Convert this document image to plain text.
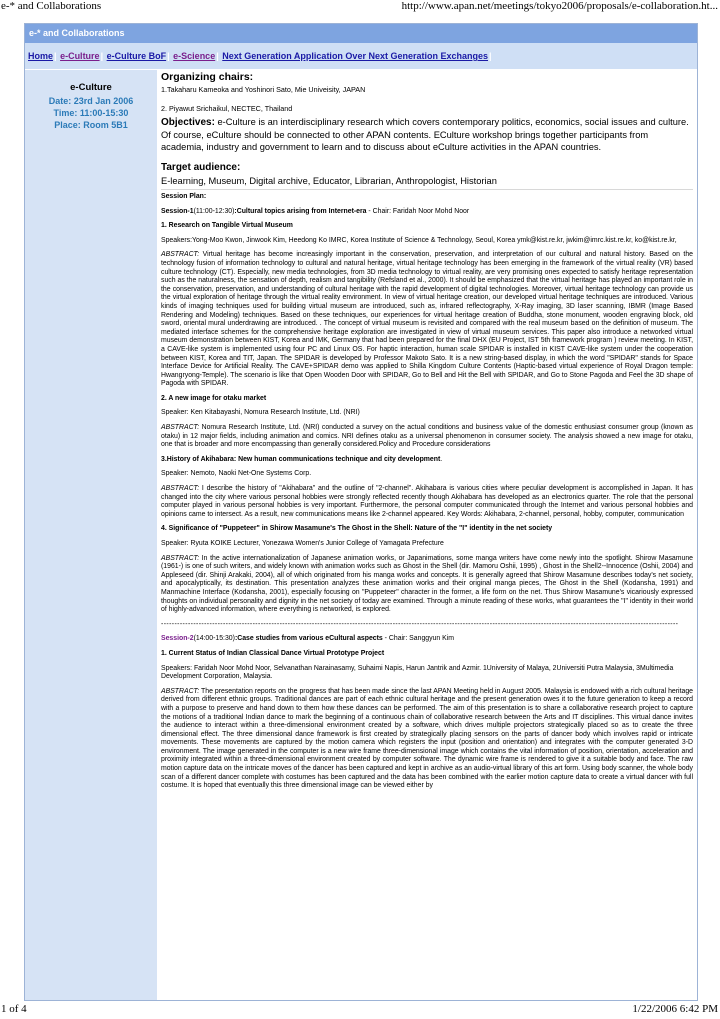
e-* and Collaborations	http://www.apan.net/meetings/tokyo2006/proposals/e-collaboration.ht...
e-* and Collaborations
Home| e-Culture| e-Culture BoF| e-Science| Next Generation Application Over Next Generation Exchanges|
e-Culture
Date: 23rd Jan 2006
Time: 11:00-15:30
Place: Room 5B1

Organizing chairs:

1.Takaharu Kameoka and Yoshinori Sato, Mie Univeisity, JAPAN

2. Piyawut Srichaikul, NECTEC, Thailand

Objectives: e-Culture is an interdisciplinary research which covers contemporary politics, economics, social issues and culture. Of course, eCulture should be connected to other APAN contents. ECulture workshop brings together participants from academia, industry and government to learn and to discuss about eCulture activities in the APAN countries.

Target audience:

E-learning, Museum, Digital archive, Educator, Librarian, Anthropologist, Historian

Session Plan:

Session-1(11:00-12:30):Cultural topics arising from Internet-era - Chair: Faridah Noor Mohd Noor

1. Research on Tangible Virtual Museum

Speakers:Yong-Moo Kwon, Jinwook Kim, Heedong Ko IMRC, Korea Institute of Science & Technology, Seoul, Korea ymk@kist.re.kr, jwkim@imrc.kist.re.kr, ko@kist.re.kr,

ABSTRACT: Virtual heritage has become increasingly important in the conservation, preservation, and interpretation of our cultural and natural history. Based on the technology fusion of information technology to cultural and natural heritage, virtual heritage technology has been emerging in the framework of the virtual reality (VR) based culture technology (CT). Especially, new media technologies, from 3D media technology to virtual reality, are very promising ones expected to satisfy heritage representation such as the naturalness, the sensation of depth, realism and tangibility (Refsland et al., 2000). It should be emphasized that the virtual heritage has played an important role in the conservation, preservation, and understanding of cultural heritage with the rapid development of digital technologies. Moreover, virtual heritage technology can provide us the virtual exploration of heritage through the virtual reality environment. In view of virtual heritage creation, our developed virtual heritage techniques are introduced. Various kinds of imaging techniques used for building virtual museum are introduced, such as, infrared reflectography, X-Ray imaging, 3D laser scanning, IBMR (Image Based Rendering and Modeling) techniques. Based on these techniques, our experiences for virtual heritage creation of Buddha, stone monument, wooden engraving block, old sword, oriental mural underdrawing are introduced. . The concept of virtual museum is revisited and compared with the real museum based on the definition of museum. The mediated interface schemes for the comprehensive heritage exploration are investigated in view of virtual museum services. This paper also introduce a networked virtual museum demonstration between KIST, Korea and IMK, Germany that had been prepared for the final DHX (EU Project, IST 5th framework program ) review meeting. In KIST, a CAVE-like system is implemented using four PC and Linux OS. For haptic interaction, human scale SPIDAR is installed in KIST CAVE-like system under the cooperation between KIST, Korea and TIT, Japan. The SPIDAR is developed by Professor Makoto Sato. It is a new string-based display, in which the word "SPIDAR" stands for Space Interface Device for Artificial Reality. The CAVE+SPIDAR demo was applied to Shilla Kingdom Culture Contents (Haptic-based virtual experience of Royal Dragon temple: Hwangryong-Temple). The scenario is like that Open Wooden Door with SPIDAR, Go to Bell and Hit the Bell with SPIDAR, and Go to Stone Pagoda and Feel the 3D shape of Pagoda with SPIDAR.

2. A new image for otaku market

Speaker: Ken Kitabayashi, Nomura Research Institute, Ltd. (NRI)

ABSTRACT: Nomura Research Institute, Ltd. (NRI) conducted a survey on the actual conditions and business value of the domestic enthusiast consumer group (known as otaku) in 12 major fields, including animation and comics. NRI defines otaku as a universal phenomenon in consumer society. The analysis showed a new image for otaku, one that is broader and more encompassing than generally considered.Policy and Procedure considerations

3.History of Akihabara: New human communications technique and city development.

Speaker: Nemoto, Naoki Net-One Systems Corp.

ABSTRACT: I describe the history of "Akihabara" and the outline of "2-channel". Akihabara is various cities where peculiar development is accomplished in Japan. It has changed into the city where various personal hobbies were strongly reflected recently though Akihabara has developed as an electronics quarter. The role that the personal computer played in various personal hobbies is very important. Furthermore, the personal computer communicated through the Internet and various personal hobbies and opinions came to intersect. As a result, new communications means like 2-channel appeared. Key Words: Akihabara, 2-channel, personal, hobby, computer, communication

4. Significance of "Puppeteer" in Shirow Masamune's The Ghost in the Shell: Nature of the "I" identity in the net society

Speaker: Ryuta KOIKE Lecturer, Yonezawa Women's Junior College of Yamagata Prefecture

ABSTRACT: In the active internationalization of Japanese animation works, or Japanimations, some manga writers have come newly into the spotlight. Shirow Masamune (1961-) is one of such writers, and widely known with animation works such as Ghost in the Shell (dir. Mamoru Oshii, 1995) , Ghost in the Shell2--Innocence (Oshii, 2004) and Appleseed (dir. Shinji Arakaki, 2004), all of which originated from his manga works and concepts. It is generally agreed that Shirow Masamune describes today's net society, and apocalyptically, its destination. This presentation analyzes these animation works and their original manga pieces, The Ghost in the Shell (Kodansha, 1991) and Manmachine Interface (Kodansha, 2001), especially focusing on "Puppeteer" character in the former, a life form on the net. Thus Shirow Masamune's vicariously expressed thoughts on individual personality and dignity in the net society of today are examined. Through a minute reading of these works, what guarantees the "I" identity in their world of highly-advanced information, where everything is networked, is explored.

------------------------------------------------------------------------------------------------------------------------------------------------------------------------------------------------

Session-2(14:00-15:30):Case studies from various eCultural aspects - Chair: Sanggyun Kim

1. Current Status of Indian Classical Dance Virtual Prototype Project

Speakers: Faridah Noor Mohd Noor, Selvanathan Narainasamy, Suhaimi Napis, Harun Jantrik and Azmir. 1University of Malaya, 2Universiti Putra Malaysia, 3Multimedia Development Corporation, Malaysia.

ABSTRACT: The presentation reports on the progress that has been made since the last APAN Meeting held in August 2005. Malaysia is endowed with a rich cultural heritage derived from different ethnic groups. Traditional dances are part of each ethnic cultural heritage and the present generation owes it to the future generation to keep a record with a purpose to preserve and hand down to them how these dances can be performed. The aim of this presentation is to share a collaborative research project to capture the motions of a traditional Indian dance to mark the beginning of a continuous chain of collaborative research between the Arts and IT disciplines. This virtual dance invites the audience to interact within a three-dimensional environment created by a software, which drives multiple projectors strategically placed so as to create the three dimensional effect. The three dimensional dance framework is first created by strategically placing sensors on the parts of dancer body which involves rapid or intricate movements. These movements are captured by the motion camera which registers the input (position and orientation) and integrates with the computer generated 3-D environment. The image generated in the computer is a new wire frame three-dimensional image which contains the vital information of position, orientation, acceleration and proximity integrated within a three-dimensional environment created by computer software. The dynamic wire frame is rendered to give it a suitable body and face. The raw motion capture data on the intricate moves of the dancer has been captured and kept in archive as an audio-virtual library of this art form. Using body scanner, the whole body scan of a different dancer complete with costumes has been captured and the data has been combined with the earlier motion capture data to create a virtual dancer with full costume. It is hoped that eventually this three dimensional image can be viewed either by

1 of 4	1/22/2006 6:42 PM
